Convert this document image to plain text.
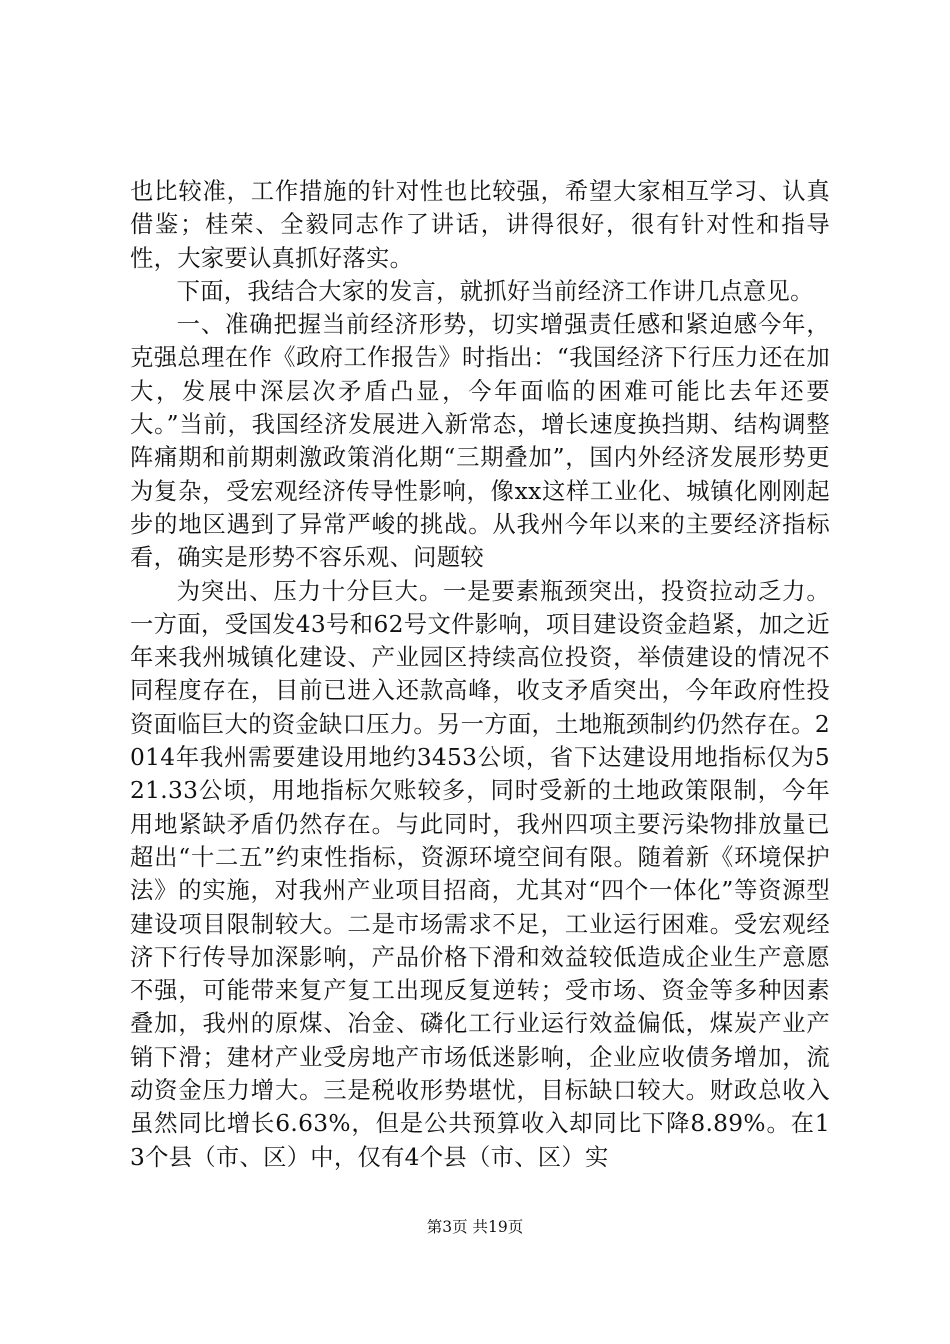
也比较准，工作措施的针对性也比较强，希望大家相互学习、认真借鉴；桂荣、全毅同志作了讲话，讲得很好，很有针对性和指导性，大家要认真抓好落实。

下面，我结合大家的发言，就抓好当前经济工作讲几点意见。

一、准确把握当前经济形势，切实增强责任感和紧迫感今年，克强总理在作《政府工作报告》时指出：“我国经济下行压力还在加大，发展中深层次矛盾凸显，今年面临的困难可能比去年还要大。”当前，我国经济发展进入新常态，增长速度换挡期、结构调整阵痛期和前期刺激政策消化期“三期叠加”，国内外经济发展形势更为复杂，受宏观经济传导性影响，像xx这样工业化、城镇化刚刚起步的地区遇到了异常严峻的挑战。从我州今年以来的主要经济指标看，确实是形势不容乐观、问题较

为突出、压力十分巨大。一是要素瓶颈突出，投资拉动乏力。一方面，受国发43号和62号文件影响，项目建设资金趋紧，加之近年来我州城镇化建设、产业园区持续高位投资，举债建设的情况不同程度存在，目前已进入还款高峰，收支矛盾突出，今年政府性投资面临巨大的资金缺口压力。另一方面，土地瓶颈制约仍然存在。2014年我州需要建设用地约3453公顷，省下达建设用地指标仅为521.33公顷，用地指标欠账较多，同时受新的土地政策限制，今年用地紧缺矛盾仍然存在。与此同时，我州四项主要污染物排放量已超出“十二五”约束性指标，资源环境空间有限。随着新《环境保护法》的实施，对我州产业项目招商，尤其对“四个一体化”等资源型建设项目限制较大。二是市场需求不足，工业运行困难。受宏观经济下行传导加深影响，产品价格下滑和效益较低造成企业生产意愿不强，可能带来复产复工出现反复逆转；受市场、资金等多种因素叠加，我州的原煤、冶金、磷化工行业运行效益偏低，煤炭产业产销下滑；建材产业受房地产市场低迷影响，企业应收债务增加，流动资金压力增大。三是税收形势堪忧，目标缺口较大。财政总收入虽然同比增长6.63%，但是公共预算收入却同比下降8.89%。在13个县（市、区）中，仅有4个县（市、区）实

第3页 共19页
